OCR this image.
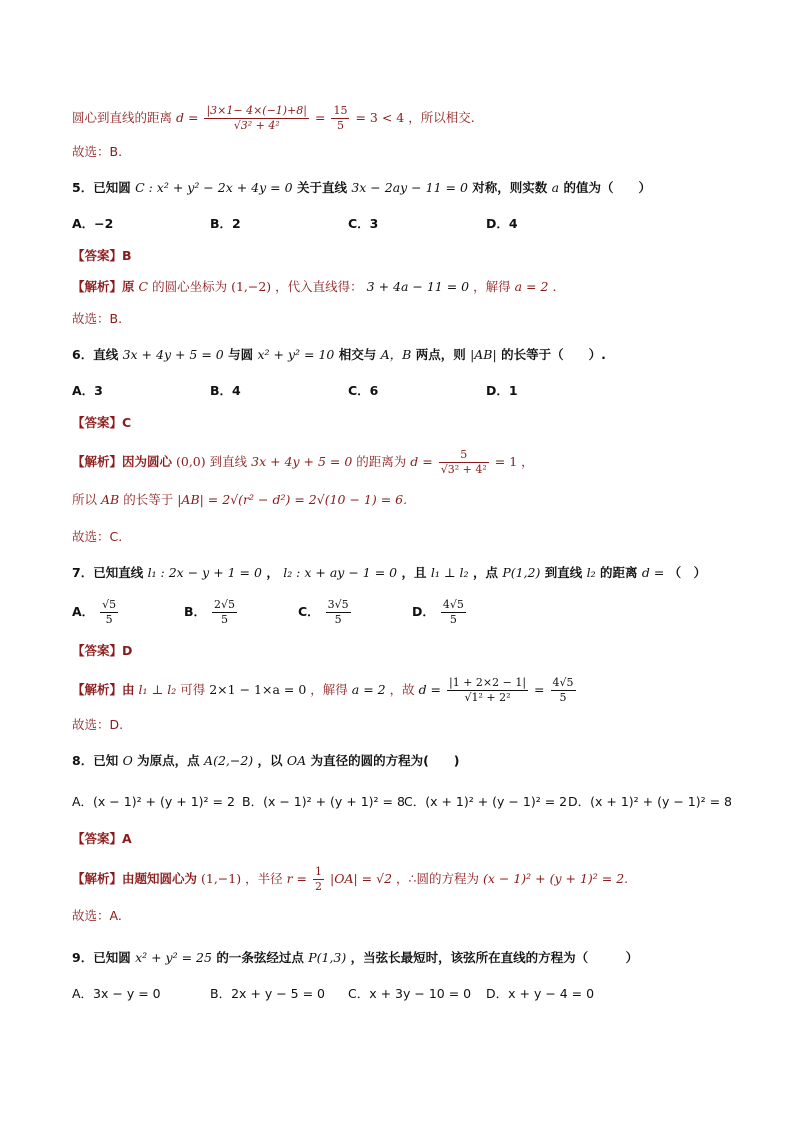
圆心到直线的距离 $d = \frac{|3\times 1- 4\times(-1)+8|}{\text{√3² + 4²}} = \frac{15}{5} = 3 < 4$ ，所以相交.
故选：B.
5．已知圆 C : x² + y² − 2x + 4y = 0 关于直线 3x − 2ay − 11 = 0 对称，则实数 a 的值为（　　）
A．−2	B．2	C．3	D．4
【答案】B
【解析】原 C 的圆心坐标为 (1,−2) ，代入直线得： 3 + 4a − 11 = 0 ，解得 a = 2 .
故选：B.
6．直线 3x + 4y + 5 = 0 与圆 x² + y² = 10 相交与 A，B 两点，则 |AB| 的长等于（　　）.
A．3	B．4	C．6	D．1
【答案】C
【解析】因为圆心 (0,0) 到直线 3x + 4y + 5 = 0 的距离为 $d = \frac{5}{\text{√3² + 4²}} = 1$ ，
所以 AB 的长等于 |AB| = 2√(r² − d²) = 2√(10 − 1) = 6.
故选：C.
7．已知直线 l₁ : 2x − y + 1 = 0 ， l₂ : x + ay − 1 = 0 ，且 l₁ ⊥ l₂ ，点 P(1,2) 到直线 l₂ 的距离 d = （　）
A． $\frac{√5}{5}$	B． $\frac{2√5}{5}$	C． $\frac{3√5}{5}$	D． $\frac{4√5}{5}$
【答案】D
【解析】由 l₁ ⊥ l₂ 可得 2×1 − 1×a = 0 ，解得 a = 2 ，故 $d = \frac{|1 + 2\times 2 - 1|}{\text{√1² + 2²}} = \frac{4√5}{5}$
故选：D.
8．已知 O 为原点，点 A(2,−2) ，以 OA 为直径的圆的方程为(　　)
A．(x − 1)² + (y + 1)² = 2 B．(x − 1)² + (y + 1)² = 8 C．(x + 1)² + (y − 1)² = 2 D．(x + 1)² + (y − 1)² = 8
【答案】A
【解析】由题知圆心为 (1,−1) ，半径 $r = \frac{1}{2} |OA| = √2$ ，∴圆的方程为 (x − 1)² + (y + 1)² = 2.
故选：A.
9．已知圆 x² + y² = 25 的一条弦经过点 P(1,3) ，当弦长最短时，该弦所在直线的方程为（　　　）
A．3x − y = 0	B．2x + y − 5 = 0 C．x + 3y − 10 = 0 D．x + y − 4 = 0
